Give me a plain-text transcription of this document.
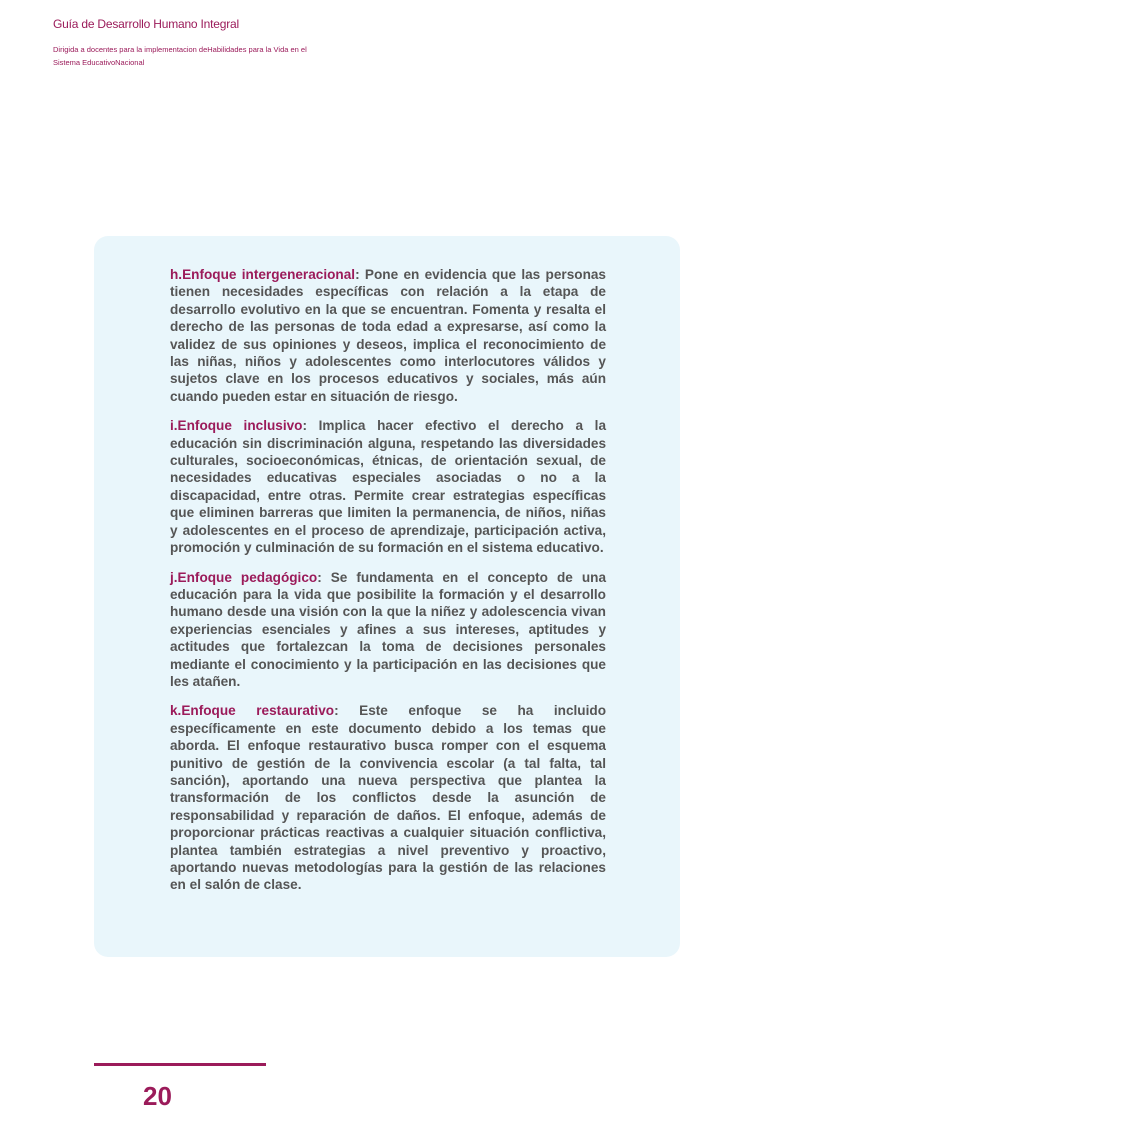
Guía de Desarrollo Humano Integral
Dirigida a docentes para la implementacion deHabilidades para la Vida en el Sistema EducativoNacional

h.Enfoque intergeneracional: Pone en evidencia que las personas tienen necesidades específicas con relación a la etapa de desarrollo evolutivo en la que se encuentran. Fomenta y resalta el derecho de las personas de toda edad a expresarse, así como la validez de sus opiniones y deseos, implica el reconocimiento de las niñas, niños y adolescentes como interlocutores válidos y sujetos clave en los procesos educativos y sociales, más aún cuando pueden estar en situación de riesgo.

i.Enfoque inclusivo: Implica hacer efectivo el derecho a la educación sin discriminación alguna, respetando las diversidades culturales, socioeconómicas, étnicas, de orientación sexual, de necesidades educativas especiales asociadas o no a la discapacidad, entre otras. Permite crear estrategias específicas que eliminen barreras que limiten la permanencia, de niños, niñas y adolescentes en el proceso de aprendizaje, participación activa, promoción y culminación de su formación en el sistema educativo.

j.Enfoque pedagógico: Se fundamenta en el concepto de una educación para la vida que posibilite la formación y el desarrollo humano desde una visión con la que la niñez y adolescencia vivan experiencias esenciales y afines a sus intereses, aptitudes y actitudes que fortalezcan la toma de decisiones personales mediante el conocimiento y la participación en las decisiones que les atañen.

k.Enfoque restaurativo: Este enfoque se ha incluido específicamente en este documento debido a los temas que aborda. El enfoque restaurativo busca romper con el esquema punitivo de gestión de la convivencia escolar (a tal falta, tal sanción), aportando una nueva perspectiva que plantea la transformación de los conflictos desde la asunción de responsabilidad y reparación de daños. El enfoque, además de proporcionar prácticas reactivas a cualquier situación conflictiva, plantea también estrategias a nivel preventivo y proactivo, aportando nuevas metodologías para la gestión de las relaciones en el salón de clase.

20
